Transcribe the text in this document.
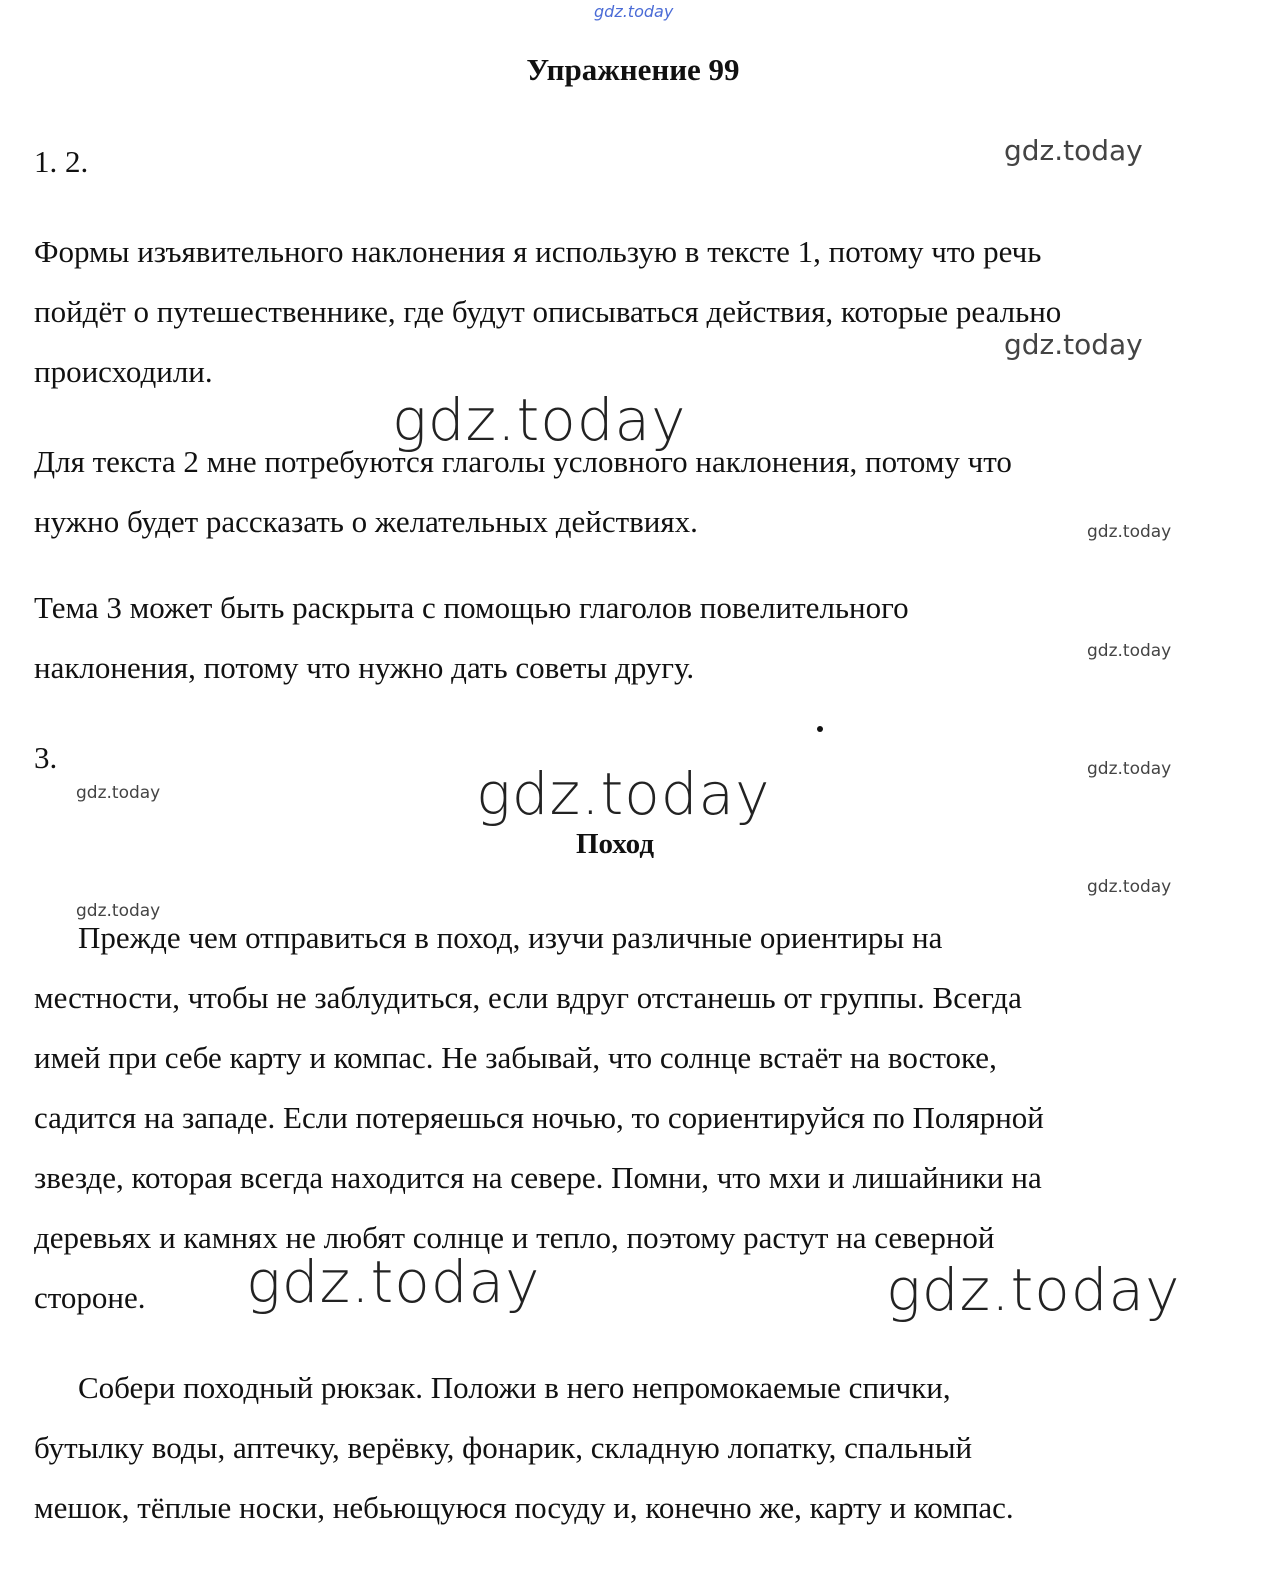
gdz.today
Упражнение 99
1. 2.
Формы изъявительного наклонения я использую в тексте 1, потому что речь
пойдёт о путешественнике, где будут описываться действия, которые реально
происходили.
Для текста 2 мне потребуются глаголы условного наклонения, потому что
нужно будет рассказать о желательных действиях.
Тема 3 может быть раскрыта с помощью глаголов повелительного
наклонения, потому что нужно дать советы другу.
3.
Поход
Прежде чем отправиться в поход, изучи различные ориентиры на
местности, чтобы не заблудиться, если вдруг отстанешь от группы. Всегда
имей при себе карту и компас. Не забывай, что солнце встаёт на востоке,
садится на западе. Если потеряешься ночью, то сориентируйся по Полярной
звезде, которая всегда находится на севере. Помни, что мхи и лишайники на
деревьях и камнях не любят солнце и тепло, поэтому растут на северной
стороне.
Собери походный рюкзак. Положи в него непромокаемые спички,
бутылку воды, аптечку, верёвку, фонарик, складную лопатку, спальный
мешок, тёплые носки, небьющуюся посуду и, конечно же, карту и компас.
gdz.today
gdz.today
gdz.today
gdz.today
gdz.today
gdz.today
gdz.today	gdz.today
gdz.today
gdz.today
gdz.today	gdz.today
